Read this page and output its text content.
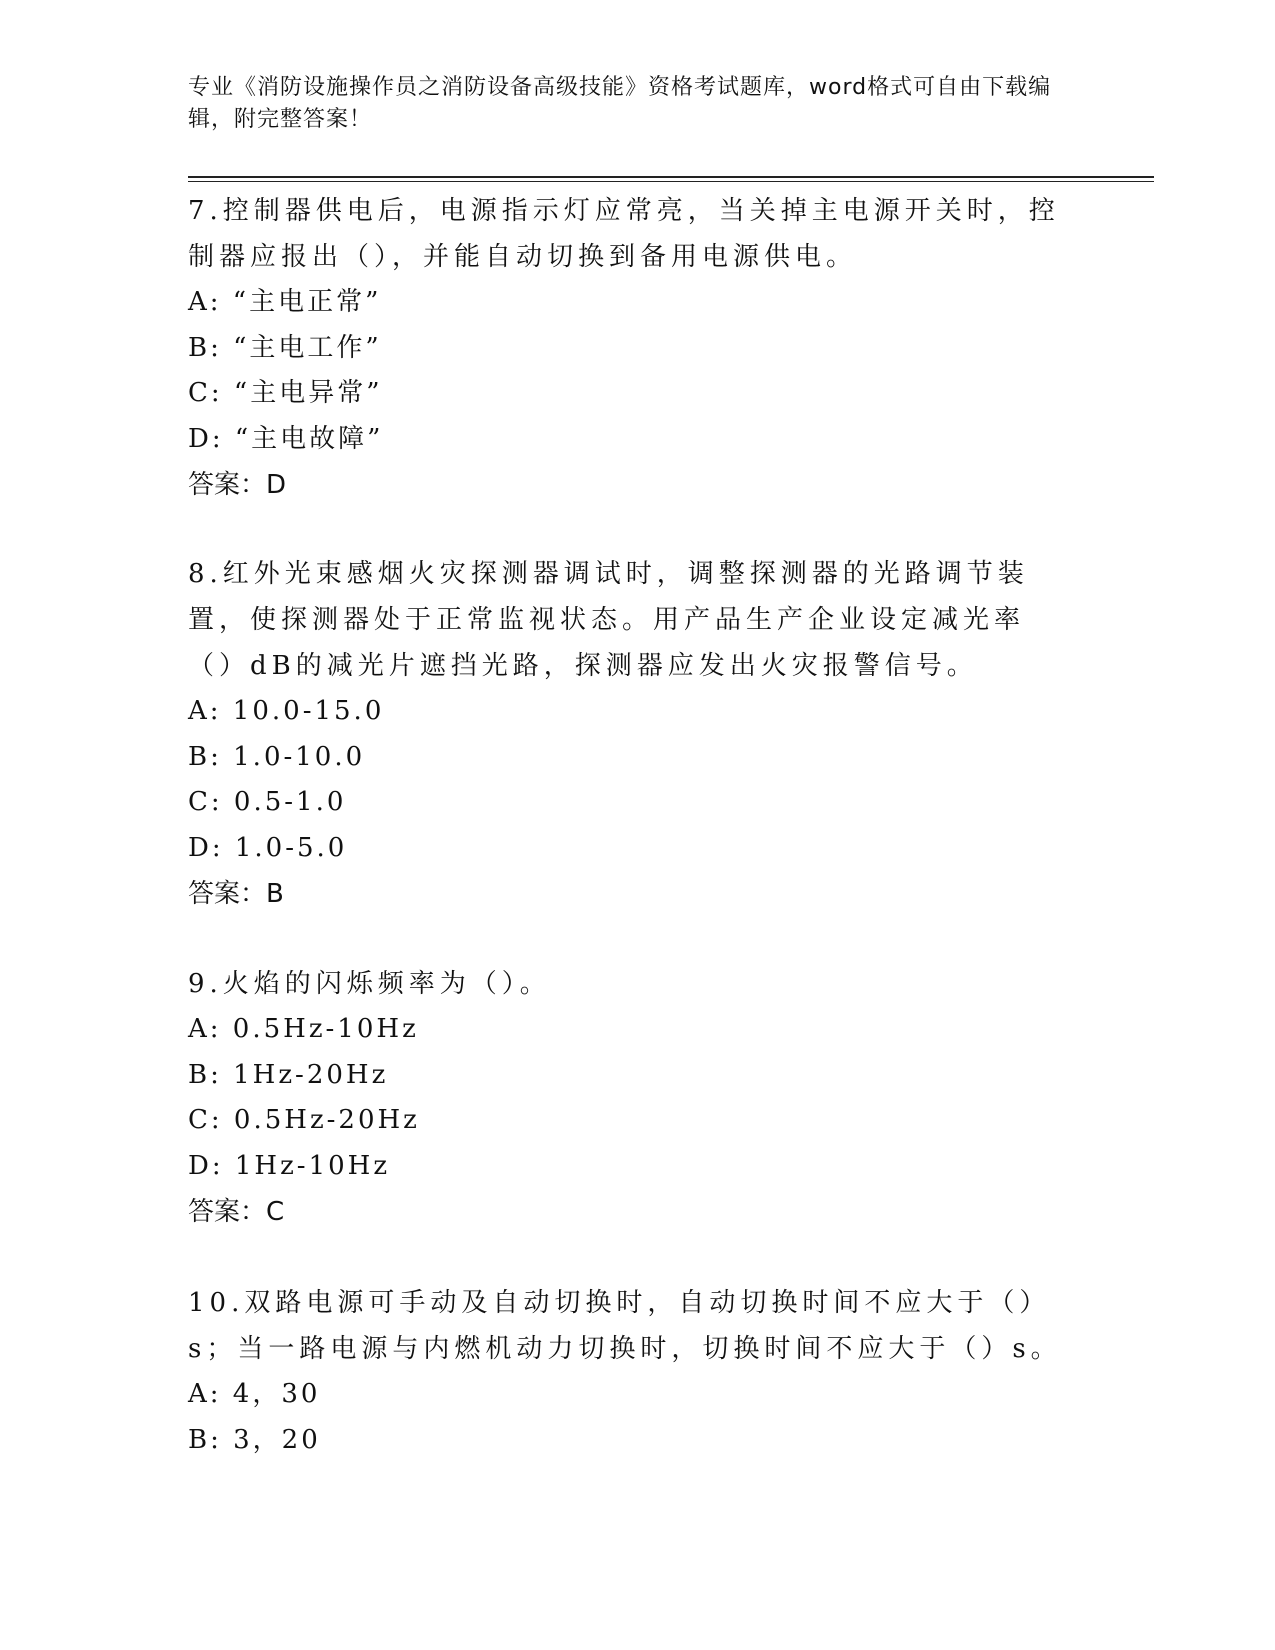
专业《消防设施操作员之消防设备高级技能》资格考试题库，word格式可自由下载编辑，附完整答案！

7.控制器供电后，电源指示灯应常亮，当关掉主电源开关时，控制器应报出（），并能自动切换到备用电源供电。

A: “主电正常”

B: “主电工作”

C: “主电异常”

D: “主电故障”

答案：D

8.红外光束感烟火灾探测器调试时，调整探测器的光路调节装置，使探测器处于正常监视状态。用产品生产企业设定减光率（）dB的减光片遮挡光路，探测器应发出火灾报警信号。

A: 10.0-15.0

B: 1.0-10.0

C: 0.5-1.0

D: 1.0-5.0

答案：B

9.火焰的闪烁频率为（）。

A: 0.5Hz-10Hz

B: 1Hz-20Hz

C: 0.5Hz-20Hz

D: 1Hz-10Hz

答案：C

10.双路电源可手动及自动切换时，自动切换时间不应大于（）s；当一路电源与内燃机动力切换时，切换时间不应大于（）s。

A: 4，30

B: 3，20
